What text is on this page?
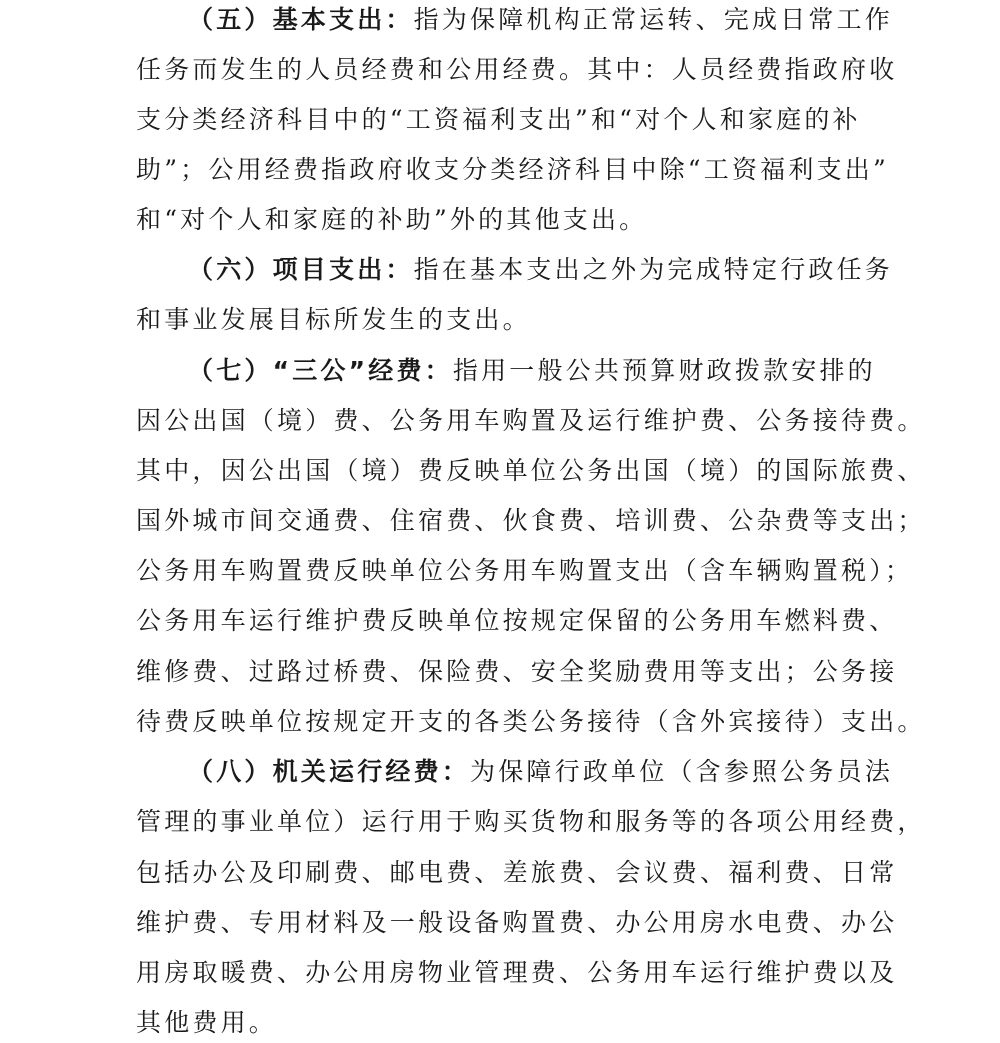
（五）基本支出：指为保障机构正常运转、完成日常工作
任务而发生的人员经费和公用经费。其中：人员经费指政府收
支分类经济科目中的“工资福利支出”和“对个人和家庭的补
助”；公用经费指政府收支分类经济科目中除“工资福利支出”
和“对个人和家庭的补助”外的其他支出。
（六）项目支出：指在基本支出之外为完成特定行政任务
和事业发展目标所发生的支出。
（七）“三公”经费：指用一般公共预算财政拨款安排的
因公出国（境）费、公务用车购置及运行维护费、公务接待费。
其中，因公出国（境）费反映单位公务出国（境）的国际旅费、
国外城市间交通费、住宿费、伙食费、培训费、公杂费等支出；
公务用车购置费反映单位公务用车购置支出（含车辆购置税）；
公务用车运行维护费反映单位按规定保留的公务用车燃料费、
维修费、过路过桥费、保险费、安全奖励费用等支出；公务接
待费反映单位按规定开支的各类公务接待（含外宾接待）支出。
（八）机关运行经费：为保障行政单位（含参照公务员法
管理的事业单位）运行用于购买货物和服务等的各项公用经费，
包括办公及印刷费、邮电费、差旅费、会议费、福利费、日常
维护费、专用材料及一般设备购置费、办公用房水电费、办公
用房取暖费、办公用房物业管理费、公务用车运行维护费以及
其他费用。
